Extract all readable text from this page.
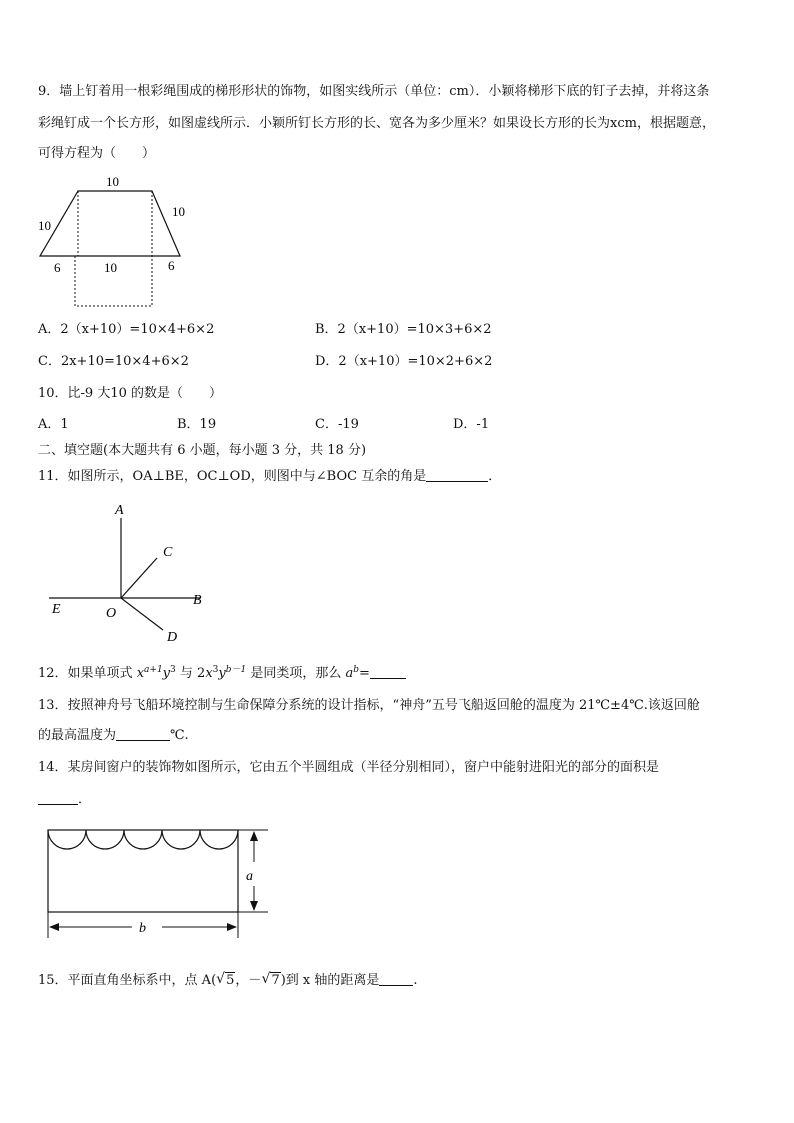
9．墙上钉着用一根彩绳围成的梯形形状的饰物，如图实线所示（单位：cm）．小颖将梯形下底的钉子去掉，并将这条
彩绳钉成一个长方形，如图虚线所示．小颖所钉长方形的长、宽各为多少厘米？如果设长方形的长为xcm，根据题意，
可得方程为（　　）
10
10
10
6	10	6
A．2（x+10）=10×4+6×2	B．2（x+10）=10×3+6×2
C．2x+10=10×4+6×2	D．2（x+10）=10×2+6×2
10．比-9 大10 的数是（　　）
A．1	B．19	C．-19	D．-1
二、填空题(本大题共有 6 小题，每小题 3 分，共 18 分)
11．如图所示，OA⊥BE，OC⊥OD，则图中与∠BOC 互余的角是	．
A
C
E	O
B
D
12．如果单项式 $x^{a+1}y^3$ 与 $2x^3y^{b-1}$ 是同类项，那么 $a^b=$
13．按照神舟号飞船环境控制与生命保障分系统的设计指标，“神舟”五号飞船返回舱的温度为 21℃±4℃.该返回舱
的最高温度为	℃.
14．某房间窗户的装饰物如图所示，它由五个半圆组成（半径分别相同），窗户中能射进阳光的部分的面积是
．
a
b
15．平面直角坐标系中，点 A( √ 5，－ √ 7)到 x 轴的距离是	.
